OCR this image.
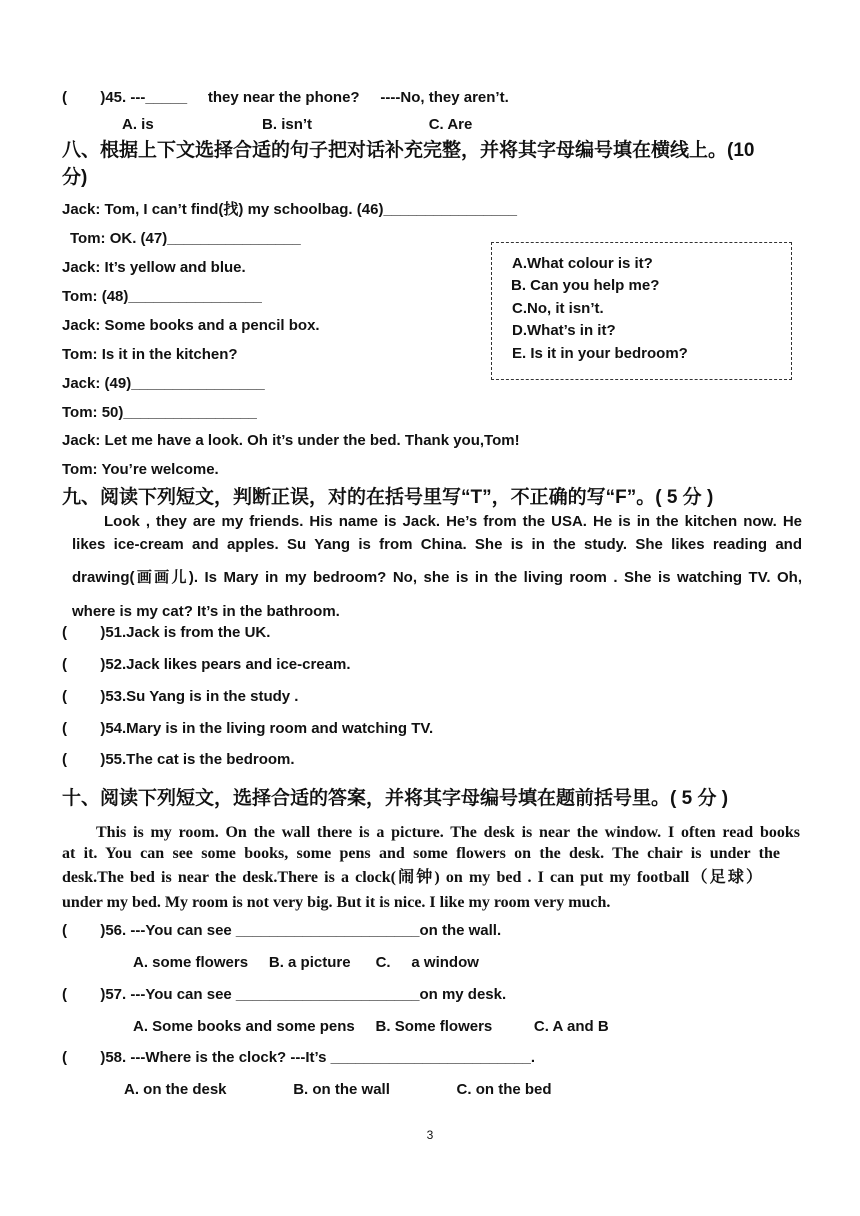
(        )45. ---_____     they near the phone?     ----No, they aren’t.
A. is                          B. isn’t                            C. Are
八、根据上下文选择合适的句子把对话补充完整，并将其字母编号填在横线上。(10
分)
Jack: Tom, I can’t find(找) my schoolbag. (46)________________
Tom: OK. (47)________________
Jack: It’s yellow and blue.
Tom: (48)________________
Jack: Some books and a pencil box.
Tom: Is it in the kitchen?
Jack: (49)________________
Tom: 50)________________
Jack: Let me have a look. Oh it’s under the bed. Thank you,Tom!
Tom: You’re welcome.
A.What colour is it?
B. Can you help me?
C.No, it isn’t.
D.What’s in it?
E. Is it in your bedroom?
九、阅读下列短文，判断正误，对的在括号里写“T”，不正确的写“F”。( 5 分 )
Look , they are my friends. His name is Jack. He’s from the USA. He is in the kitchen now. He
likes ice-cream and apples. Su Yang is from China. She is in the study. She likes reading and
drawing(画画儿). Is Mary in my bedroom? No, she is in the living room . She is watching TV. Oh,
where is my cat? It’s in the bathroom.
(        )51.Jack is from the UK.
(        )52.Jack likes pears and ice-cream.
(        )53.Su Yang is in the study .
(        )54.Mary is in the living room and watching TV.
(        )55.The cat is the bedroom.
十、阅读下列短文，选择合适的答案，并将其字母编号填在题前括号里。( 5 分 )
This is my room. On the wall there is a picture. The desk is near the window. I often read books
at it. You can see some books, some pens and some flowers on the desk. The chair is under the
desk.The bed is near the desk.There is a clock(闹钟) on my bed . I can put my football（足球）
under my bed. My room is not very big. But it is nice. I like my room very much.
(        )56. ---You can see ______________________on the wall.
A. some flowers     B. a picture      C.     a window
(        )57. ---You can see ______________________on my desk.
A. Some books and some pens     B. Some flowers          C. A and B
(        )58. ---Where is the clock? ---It’s ________________________.
A. on the desk                B. on the wall                C. on the bed
3
